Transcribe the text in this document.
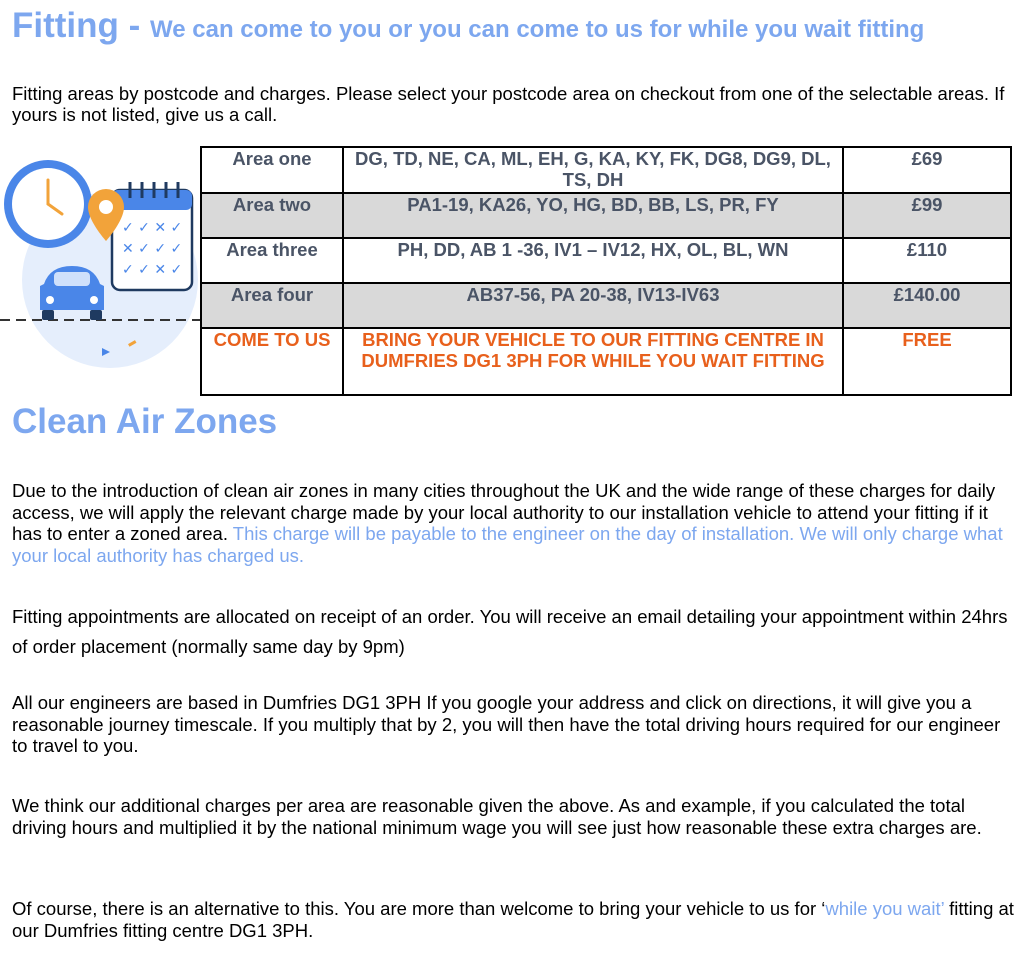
Fitting - We can come to you or you can come to us for while you wait fitting
Fitting areas by postcode and charges. Please select your postcode area on checkout from one of the selectable areas. If yours is not listed, give us a call.
✓ ✓ ✕ ✓
✕ ✓ ✓ ✓
✓ ✓ ✕ ✓
Area one	DG, TD, NE, CA, ML, EH, G, KA, KY, FK, DG8, DG9, DL, TS, DH	£69
Area two	PA1-19, KA26, YO, HG, BD, BB, LS, PR, FY	£99
Area three	PH, DD, AB 1 -36, IV1 – IV12, HX, OL, BL, WN	£110
Area four	AB37-56, PA 20-38, IV13-IV63	£140.00
COME TO US	BRING YOUR VEHICLE TO OUR FITTING CENTRE IN DUMFRIES DG1 3PH FOR WHILE YOU WAIT FITTING	FREE
Clean Air Zones
Due to the introduction of clean air zones in many cities throughout the UK and the wide range of these charges for daily access, we will apply the relevant charge made by your local authority to our installation vehicle to attend your fitting if it has to enter a zoned area. This charge will be payable to the engineer on the day of installation. We will only charge what your local authority has charged us.
Fitting appointments are allocated on receipt of an order. You will receive an email detailing your appointment within 24hrs of order placement (normally same day by 9pm)
All our engineers are based in Dumfries DG1 3PH If you google your address and click on directions, it will give you a reasonable journey timescale. If you multiply that by 2, you will then have the total driving hours required for our engineer to travel to you.
We think our additional charges per area are reasonable given the above. As and example, if you calculated the total driving hours and multiplied it by the national minimum wage you will see just how reasonable these extra charges are.
Of course, there is an alternative to this. You are more than welcome to bring your vehicle to us for ‘while you wait’ fitting at our Dumfries fitting centre DG1 3PH.
